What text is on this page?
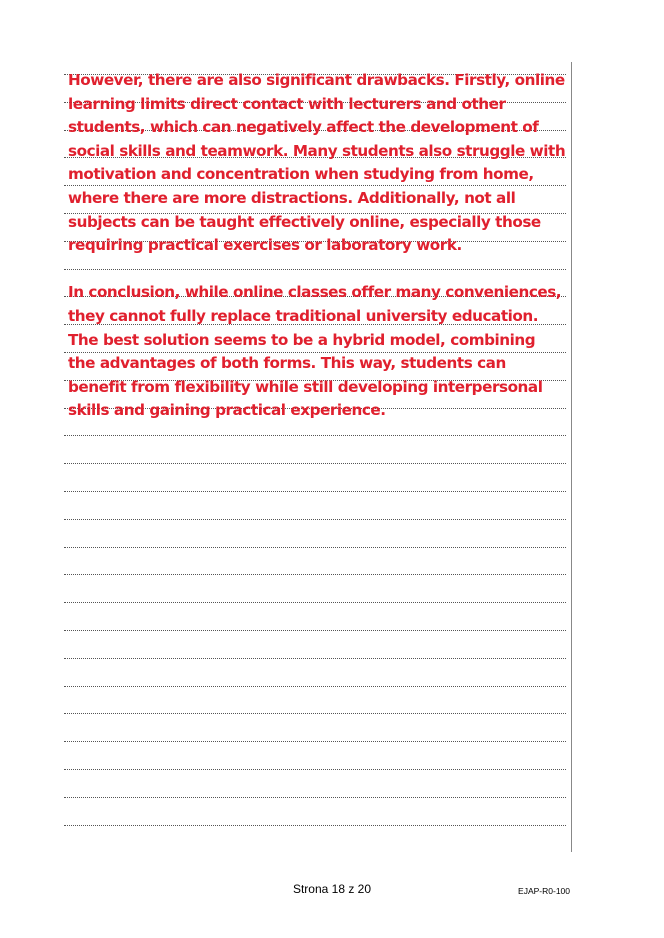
However, there are also significant drawbacks. Firstly, online learning limits direct contact with lecturers and other students, which can negatively affect the development of social skills and teamwork. Many students also struggle with motivation and concentration when studying from home, where there are more distractions. Additionally, not all subjects can be taught effectively online, especially those requiring practical exercises or laboratory work.

In conclusion, while online classes offer many conveniences, they cannot fully replace traditional university education. The best solution seems to be a hybrid model, combining the advantages of both forms. This way, students can benefit from flexibility while still developing interpersonal skills and gaining practical experience.

Strona 18 z 20	EJAP-R0-100
